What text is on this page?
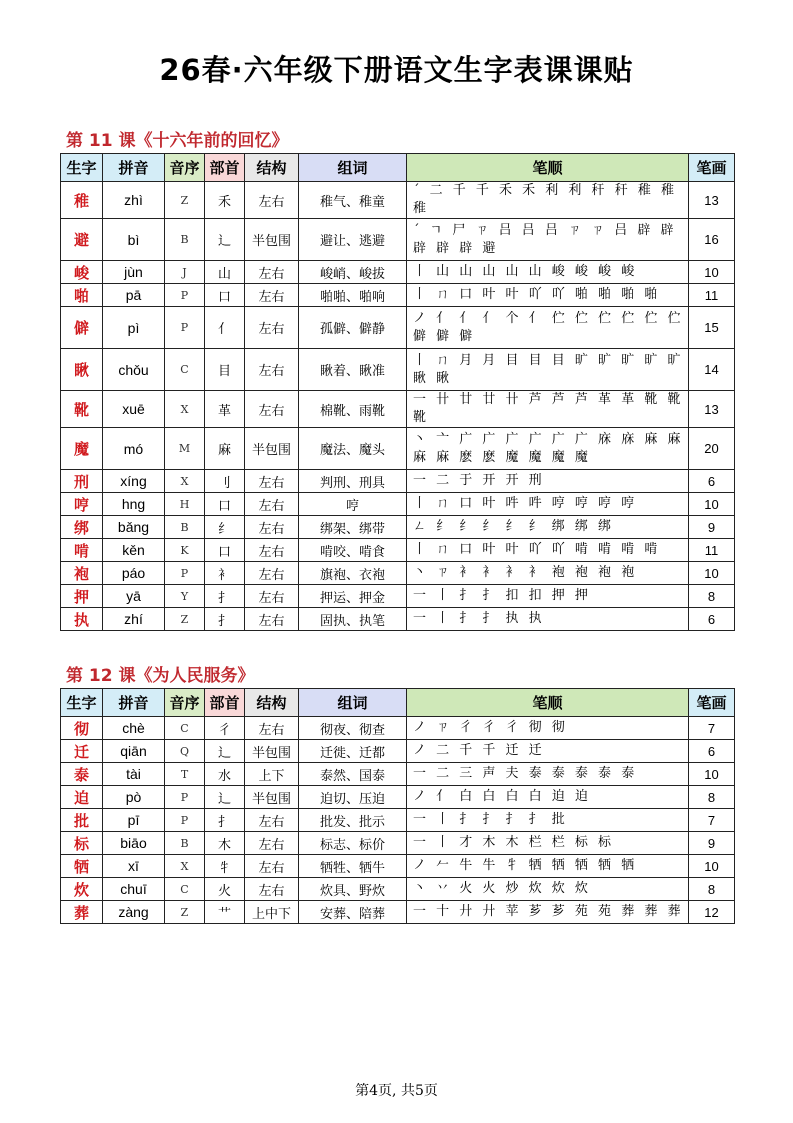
26春·六年级下册语文生字表课课贴
第 11 课《十六年前的回忆》
生字	拼音	音序	部首	结构	组词	笔顺	笔画
稚	zhì	Z	禾	左右	稚气、稚童	ˊ 二 千 千 禾 禾 利 利 秆 秆 稚 稚 稚	13
避	bì	B	辶	半包围	避让、逃避	ˊ ㄱ 尸 ㄗ 吕 吕 吕 ㄗ ㄗ 吕 辟 辟 辟 辟 辟 避	16
峻	jùn	J	山	左右	峻峭、峻拔	丨 山 山 山 山 山 峻 峻 峻 峻	10
啪	pā	P	口	左右	啪啪、啪响	丨 ㄇ 口 叶 叶 吖 吖 啪 啪 啪 啪	11
僻	pì	P	亻	左右	孤僻、僻静	ノ 亻 亻 亻 个 亻 伫 伫 伫 伫 伫 伫 僻 僻 僻	15
瞅	chǒu	C	目	左右	瞅着、瞅准	丨 ㄇ 月 月 目 目 目 旷 旷 旷 旷 旷 瞅 瞅	14
靴	xuē	X	革	左右	棉靴、雨靴	一 卄 廿 廿 卄 芦 芦 芦 革 革 靴 靴 靴	13
魔	mó	M	麻	半包围	魔法、魔头	丶 亠 广 广 广 广 广 广 庥 庥 麻 麻 麻 麻 麽 麽 魔 魔 魔 魔	20
刑	xíng	X	刂	左右	判刑、刑具	一 二 于 开 开 刑	6
哼	hng	H	口	左右	哼	丨 ㄇ 口 叶 吽 吽 哼 哼 哼 哼	10
绑	bǎng	B	纟	左右	绑架、绑带	ㄥ 纟 纟 纟 纟 纟 绑 绑 绑	9
啃	kěn	K	口	左右	啃咬、啃食	丨 ㄇ 口 叶 叶 吖 吖 啃 啃 啃 啃	11
袍	páo	P	衤	左右	旗袍、衣袍	丶 ㄗ 衤 衤 衤 衤 袍 袍 袍 袍	10
押	yā	Y	扌	左右	押运、押金	一 丨 扌 扌 扣 扣 押 押	8
执	zhí	Z	扌	左右	固执、执笔	一 丨 扌 扌 执 执	6
第 12 课《为人民服务》
生字	拼音	音序	部首	结构	组词	笔顺	笔画
彻	chè	C	彳	左右	彻夜、彻查	ノ ㄗ 彳 彳 彳 彻 彻	7
迁	qiān	Q	辶	半包围	迁徙、迁都	ノ 二 千 千 迁 迁	6
泰	tài	T	水	上下	泰然、国泰	一 二 三 声 夫 泰 泰 泰 泰 泰	10
迫	pò	P	辶	半包围	迫切、压迫	ノ 亻 白 白 白 白 迫 迫	8
批	pī	P	扌	左右	批发、批示	一 丨 扌 扌 扌 扌 批	7
标	biāo	B	木	左右	标志、标价	一 丨 才 木 木 栏 栏 标 标	9
牺	xī	X	牜	左右	牺牲、牺牛	ノ 𠂉 牛 牛 牜 牺 牺 牺 牺 牺	10
炊	chuī	C	火	左右	炊具、野炊	丶 丷 火 火 炒 炊 炊 炊	8
葬	zàng	Z	艹	上中下	安葬、陪葬	一 十 廾 廾 苹 芗 芗 苑 苑 葬 葬 葬	12
第4页, 共5页
